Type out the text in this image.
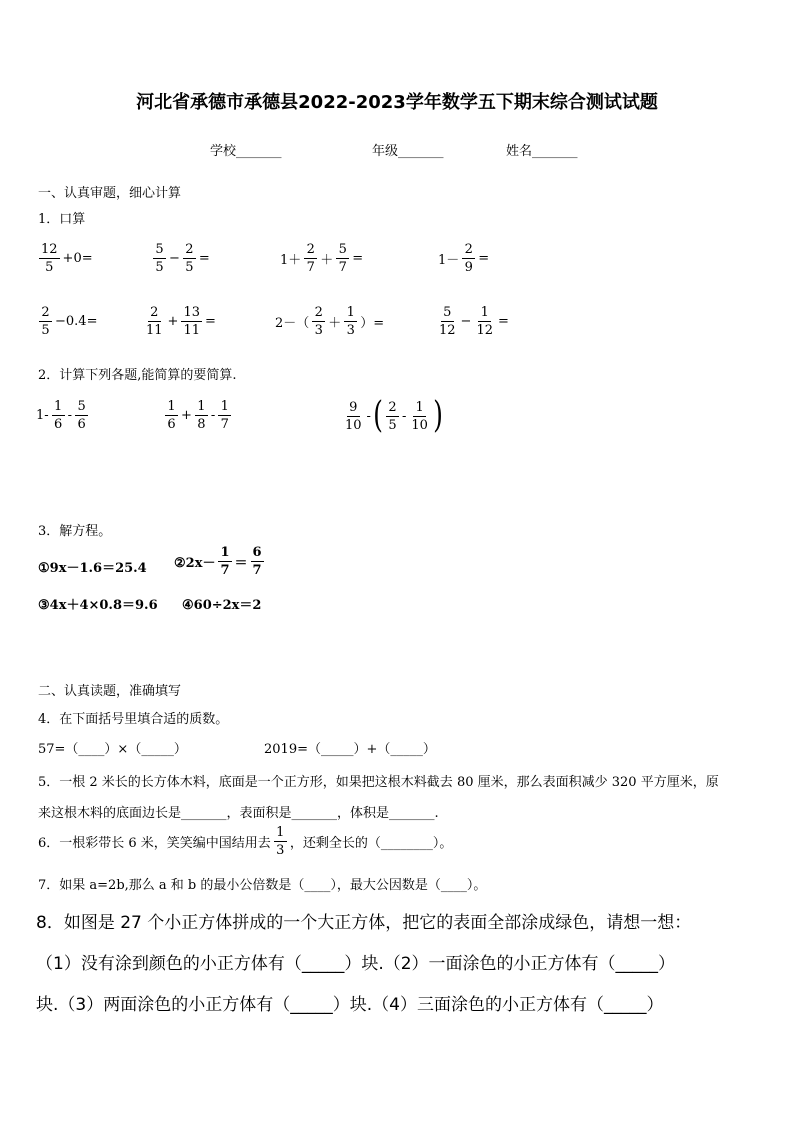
河北省承德市承德县2022-2023学年数学五下期末综合测试试题
学校_______	年级_______	姓名_______
一、认真审题，细心计算
1．口算
$\frac{12}{5} +0=$	$\frac{5}{5} - \frac{2}{5}$ =	$1+ \frac{2}{7} + \frac{5}{7}$ =	$1- \frac{2}{9}$ =
$\frac{2}{5} -0.4=$	$\frac{2}{11} + \frac{13}{11}$ =	$2-( \frac{2}{3} + \frac{1}{3}$ ）=	$\frac{5}{12} - \frac{1}{12}$ =
2．计算下列各题,能简算的要简算.
$1- \frac{1}{6} - \frac{5}{6}$	$\frac{1}{6} + \frac{1}{8} - \frac{1}{7}$	$\frac{9}{10}$ - ( $\frac{2}{5} - \frac{1}{10}$ )
3．解方程。
①9x－1.6＝25.4 ②2x－ $\frac{1}{7} = \frac{6}{7}$
③4x＋4×0.8＝9.6 ④60÷2x＝2
二、认真读题，准确填写
4．在下面括号里填合适的质数。
57=（____）×（_____）	2019=（_____）+（_____）
5．一根 2 米长的长方体木料，底面是一个正方形，如果把这根木料截去 80 厘米，那么表面积减少 320 平方厘米，原
来这根木料的底面边长是_______，表面积是_______，体积是_______.
6．一根彩带长 6 米，笑笑编中国结用去 $\frac{1}{3}$ ，还剩全长的（________）。
7．如果 a=2b,那么 a 和 b 的最小公倍数是（____），最大公因数是（____）。
8．如图是 27 个小正方体拼成的一个大正方体，把它的表面全部涂成绿色，请想一想：
（1）没有涂到颜色的小正方体有（_____）块.（2）一面涂色的小正方体有（_____）
块.（3）两面涂色的小正方体有（_____）块.（4）三面涂色的小正方体有（_____）
